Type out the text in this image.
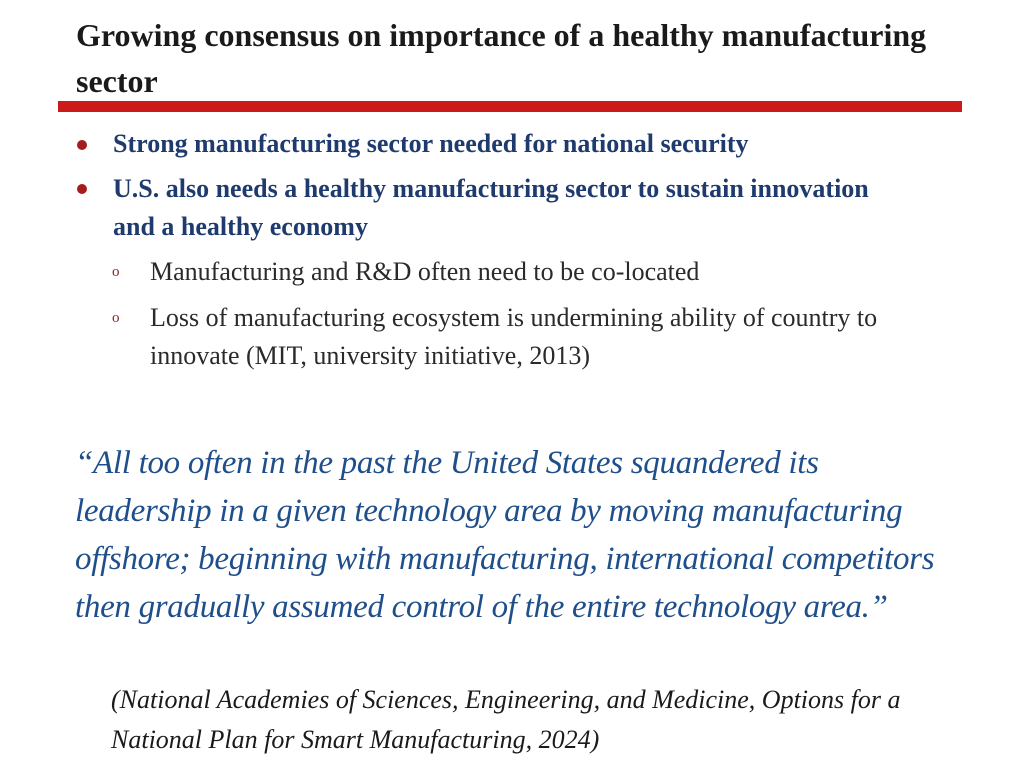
Growing consensus on importance of a healthy manufacturing sector
Strong manufacturing sector needed for national security
U.S. also needs a healthy manufacturing sector to sustain innovation and a healthy economy
o Manufacturing and R&D often need to be co-located
o Loss of manufacturing ecosystem is undermining ability of country to innovate (MIT, university initiative, 2013)
“All too often in the past the United States squandered its leadership in a given technology area by moving manufacturing offshore; beginning with manufacturing, international competitors then gradually assumed control of the entire technology area.”
(National Academies of Sciences, Engineering, and Medicine, Options for a National Plan for Smart Manufacturing, 2024)
